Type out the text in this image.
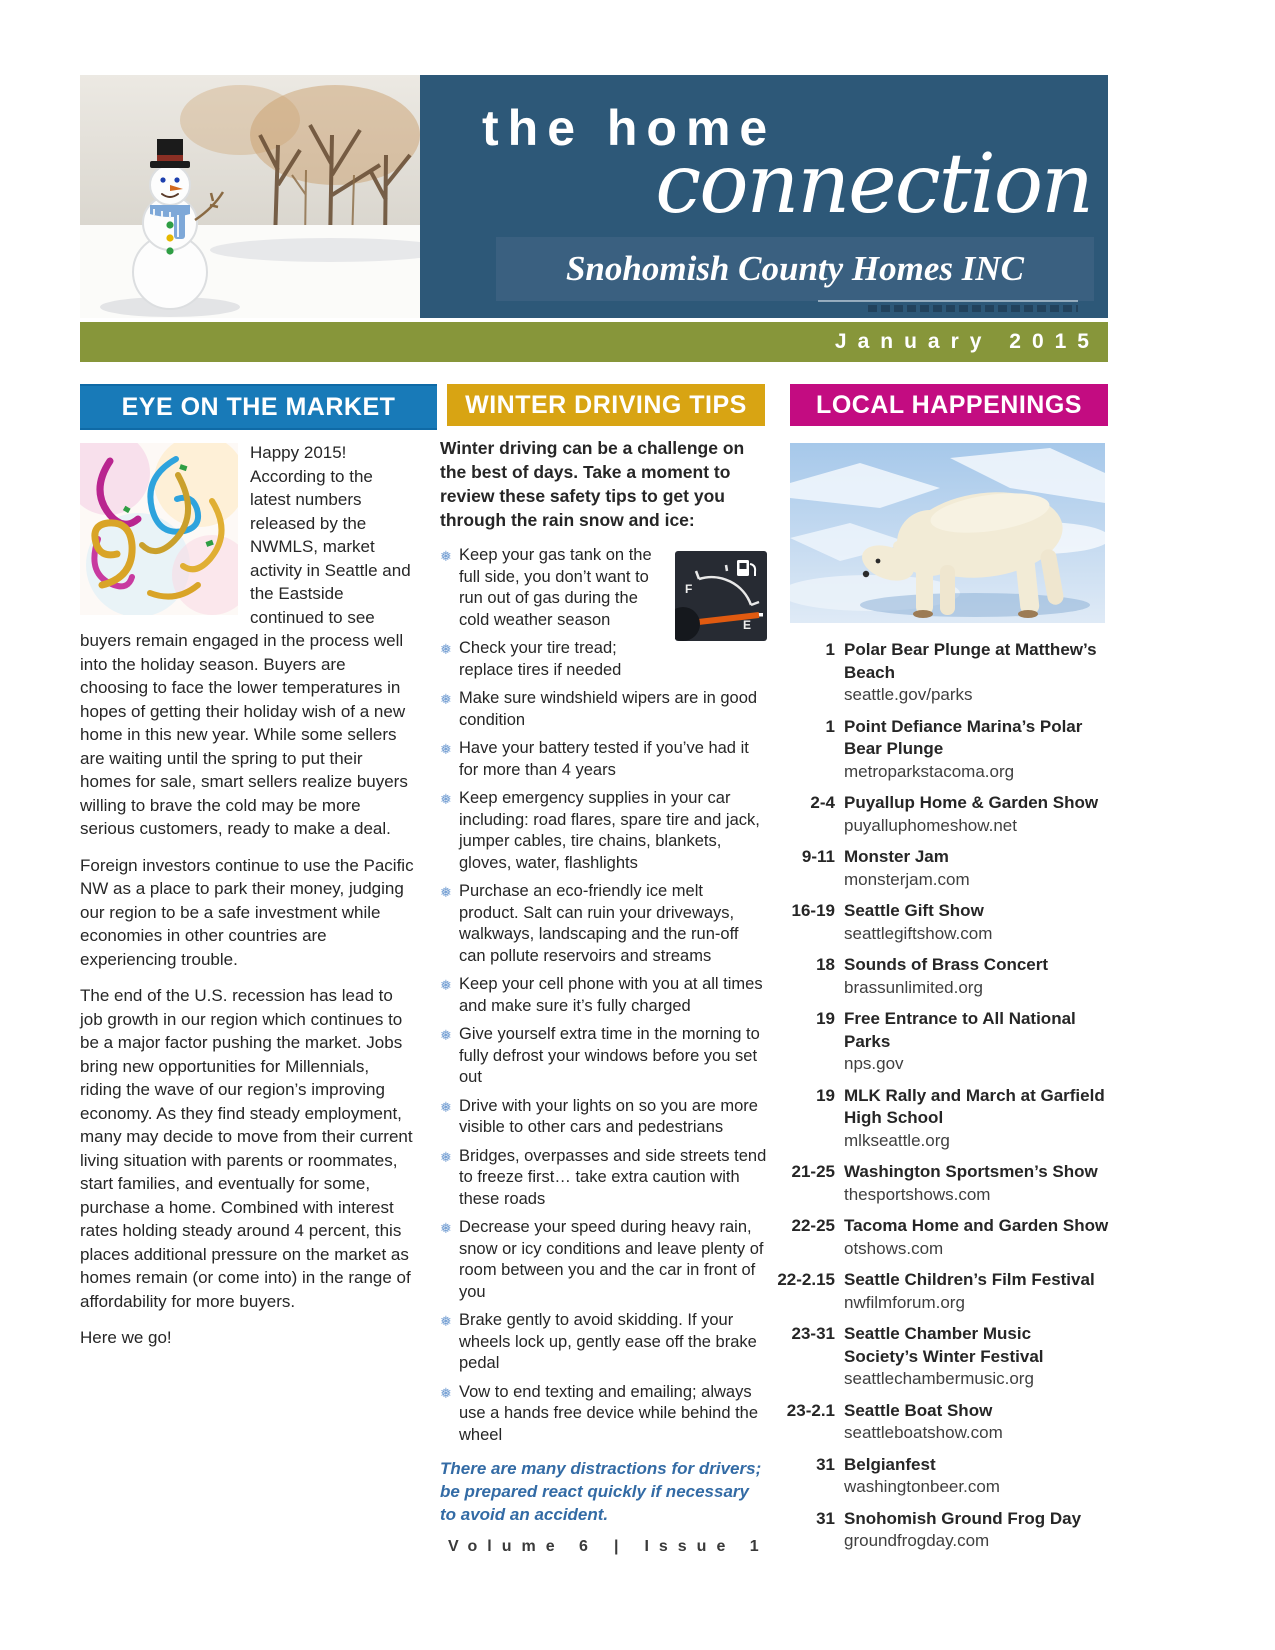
the home
connection
Snohomish County Homes INC
January 2015
EYE ON THE MARKET	WINTER DRIVING TIPS	LOCAL HAPPENINGS

Happy 2015! According to the latest numbers released by the NWMLS, market activity in Seattle and the Eastside continued to see buyers remain engaged in the process well into the holiday season. Buyers are choosing to face the lower temperatures in hopes of getting their holiday wish of a new home in this new year. While some sellers are waiting until the spring to put their homes for sale, smart sellers realize buyers willing to brave the cold may be more serious customers, ready to make a deal.

Foreign investors continue to use the Pacific NW as a place to park their money, judging our region to be a safe investment while economies in other countries are experiencing trouble.

The end of the U.S. recession has lead to job growth in our region which continues to be a major factor pushing the market. Jobs bring new opportunities for Millennials, riding the wave of our region’s improving economy. As they find steady employment, many may decide to move from their current living situation with parents or roommates, start families, and eventually for some, purchase a home. Combined with interest rates holding steady around 4 percent, this places additional pressure on the market as homes remain (or come into) in the range of affordability for more buyers.

Here we go!

Winter driving can be a challenge on the best of days. Take a moment to review these safety tips to get you through the rain snow and ice:

F
E
❅ Keep your gas tank on the full side, you don’t want to run out of gas during the cold weather season
❅ Check your tire tread; replace tires if needed
❅ Make sure windshield wipers are in good condition
❅ Have your battery tested if you’ve had it for more than 4 years
❅ Keep emergency supplies in your car including: road flares, spare tire and jack, jumper cables, tire chains, blankets, gloves, water, flashlights
❅ Purchase an eco-friendly ice melt product. Salt can ruin your driveways, walkways, landscaping and the run-off can pollute reservoirs and streams
❅ Keep your cell phone with you at all times and make sure it’s fully charged
❅ Give yourself extra time in the morning to fully defrost your windows before you set out
❅ Drive with your lights on so you are more visible to other cars and pedestrians
❅ Bridges, overpasses and side streets tend to freeze first… take extra caution with these roads
❅ Decrease your speed during heavy rain, snow or icy conditions and leave plenty of room between you and the car in front of you
❅ Brake gently to avoid skidding. If your wheels lock up, gently ease off the brake pedal
❅ Vow to end texting and emailing; always use a hands free device while behind the wheel

There are many distractions for drivers; be prepared react quickly if necessary to avoid an accident.

1 Polar Bear Plunge at Matthew’s Beach
seattle.gov/parks
1 Point Defiance Marina’s Polar Bear Plunge
metroparkstacoma.org
2-4 Puyallup Home & Garden Show
puyalluphomeshow.net
9-11 Monster Jam
monsterjam.com
16-19 Seattle Gift Show
seattlegiftshow.com
18 Sounds of Brass Concert
brassunlimited.org
19 Free Entrance to All National Parks
nps.gov
19 MLK Rally and March at Garfield High School
mlkseattle.org
21-25 Washington Sportsmen’s Show
thesportshows.com
22-25 Tacoma Home and Garden Show
otshows.com
22-2.15 Seattle Children’s Film Festival
nwfilmforum.org
23-31 Seattle Chamber Music Society’s Winter Festival
seattlechambermusic.org
23-2.1 Seattle Boat Show
seattleboatshow.com
31 Belgianfest
washingtonbeer.com
31 Snohomish Ground Frog Day
groundfrogday.com
Volume 6 | Issue 1
